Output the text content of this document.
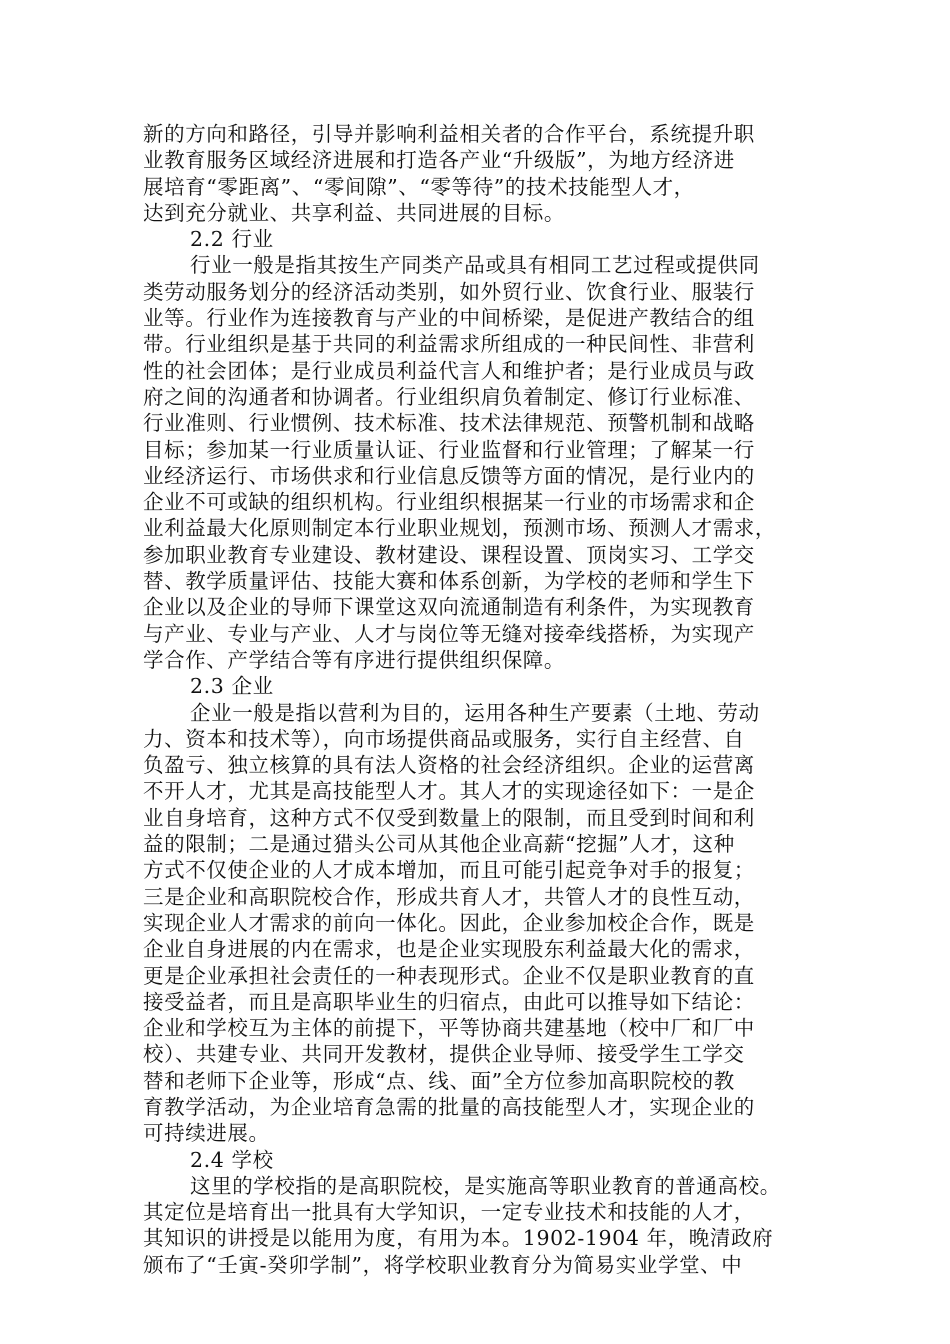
新的方向和路径，引导并影响利益相关者的合作平台，系统提升职
业教育服务区域经济进展和打造各产业“升级版”，为地方经济进
展培育“零距离”、“零间隙”、“零等待”的技术技能型人才，
达到充分就业、共享利益、共同进展的目标。
2.2 行业
行业一般是指其按生产同类产品或具有相同工艺过程或提供同
类劳动服务划分的经济活动类别，如外贸行业、饮食行业、服装行
业等。行业作为连接教育与产业的中间桥梁，是促进产教结合的组
带。行业组织是基于共同的利益需求所组成的一种民间性、非营利
性的社会团体；是行业成员利益代言人和维护者；是行业成员与政
府之间的沟通者和协调者。行业组织肩负着制定、修订行业标准、
行业准则、行业惯例、技术标准、技术法律规范、预警机制和战略
目标；参加某一行业质量认证、行业监督和行业管理；了解某一行
业经济运行、市场供求和行业信息反馈等方面的情况，是行业内的
企业不可或缺的组织机构。行业组织根据某一行业的市场需求和企
业利益最大化原则制定本行业职业规划，预测市场、预测人才需求，
参加职业教育专业建设、教材建设、课程设置、顶岗实习、工学交
替、教学质量评估、技能大赛和体系创新，为学校的老师和学生下
企业以及企业的导师下课堂这双向流通制造有利条件，为实现教育
与产业、专业与产业、人才与岗位等无缝对接牵线搭桥，为实现产
学合作、产学结合等有序进行提供组织保障。
2.3 企业
企业一般是指以营利为目的，运用各种生产要素（土地、劳动
力、资本和技术等），向市场提供商品或服务，实行自主经营、自
负盈亏、独立核算的具有法人资格的社会经济组织。企业的运营离
不开人才，尤其是高技能型人才。其人才的实现途径如下：一是企
业自身培育，这种方式不仅受到数量上的限制，而且受到时间和利
益的限制；二是通过猎头公司从其他企业高薪“挖掘”人才，这种
方式不仅使企业的人才成本增加，而且可能引起竞争对手的报复；
三是企业和高职院校合作，形成共育人才，共管人才的良性互动，
实现企业人才需求的前向一体化。因此，企业参加校企合作，既是
企业自身进展的内在需求，也是企业实现股东利益最大化的需求，
更是企业承担社会责任的一种表现形式。企业不仅是职业教育的直
接受益者，而且是高职毕业生的归宿点，由此可以推导如下结论：
企业和学校互为主体的前提下，平等协商共建基地（校中厂和厂中
校）、共建专业、共同开发教材，提供企业导师、接受学生工学交
替和老师下企业等，形成“点、线、面”全方位参加高职院校的教
育教学活动，为企业培育急需的批量的高技能型人才，实现企业的
可持续进展。
2.4 学校
这里的学校指的是高职院校，是实施高等职业教育的普通高校。
其定位是培育出一批具有大学知识，一定专业技术和技能的人才，
其知识的讲授是以能用为度，有用为本。1902-1904 年，晚清政府
颁布了“壬寅-癸卯学制”，将学校职业教育分为简易实业学堂、中
